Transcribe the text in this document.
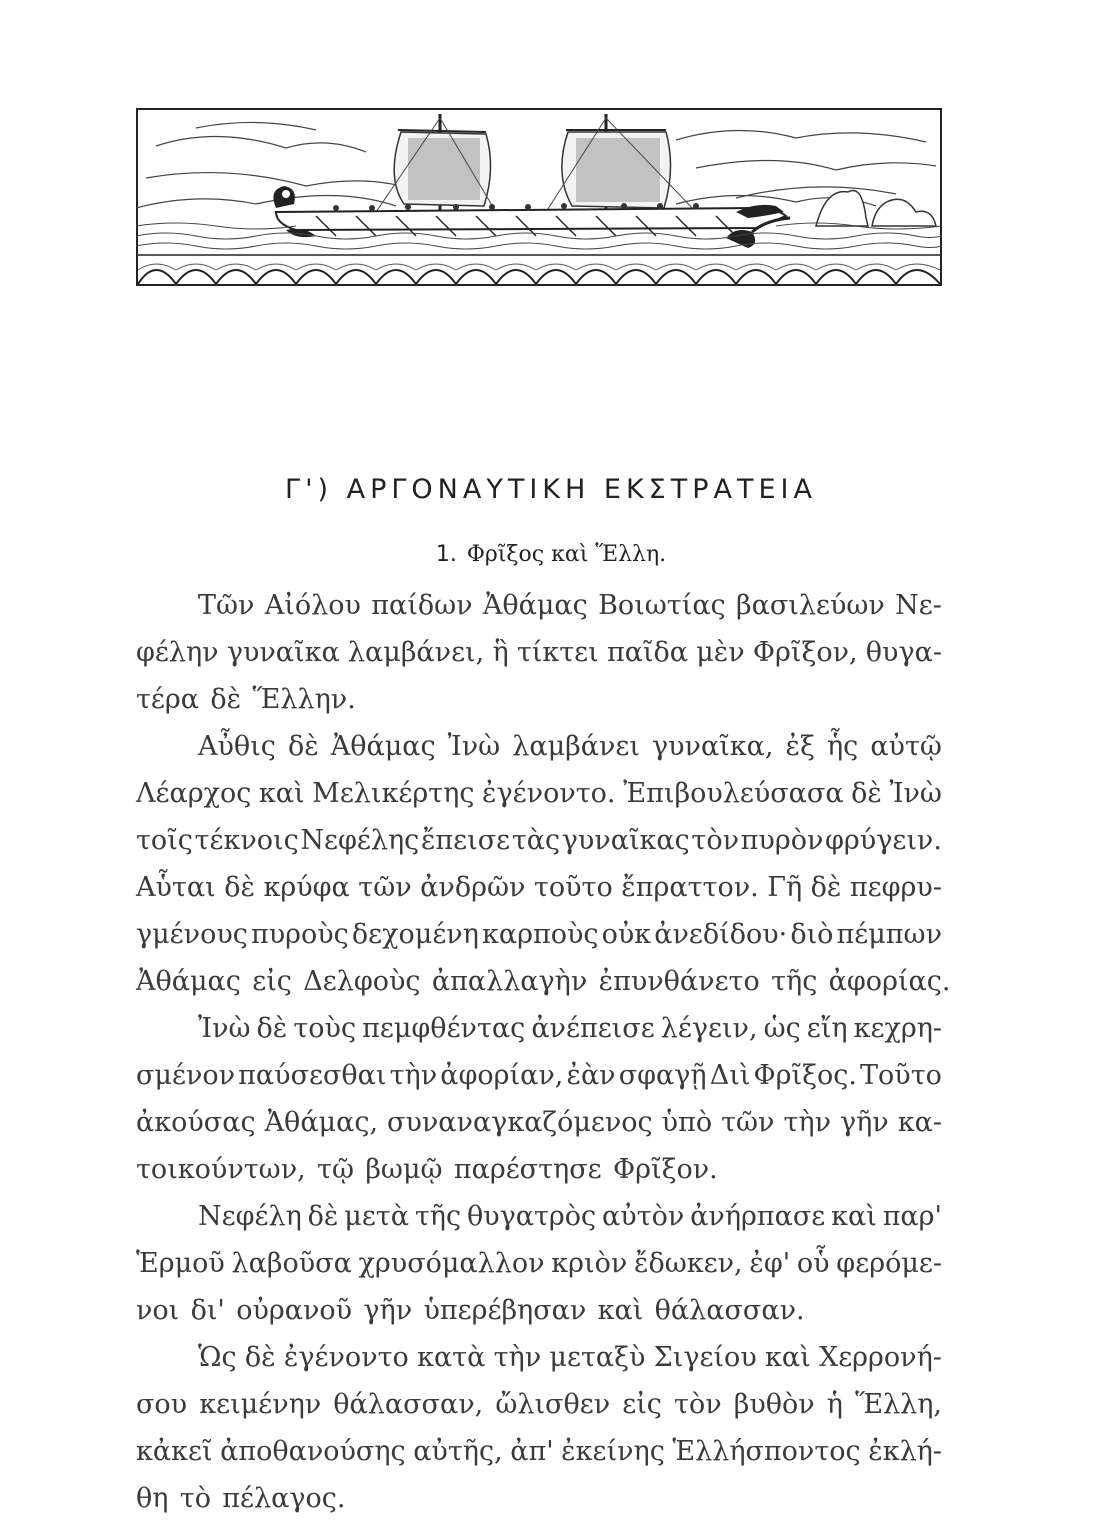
Γ') ΑΡΓΟΝΑΥΤΙΚΗ ΕΚΣΤΡΑΤΕΙΑ
1. Φρῖξος καὶ Ἕλλη.
Τῶν Αἰόλου παίδων Ἀθάμας Βοιωτίας βασιλεύων Νε-
φέλην γυναῖκα λαμβάνει, ἣ τίκτει παῖδα μὲν Φρῖξον, θυγα-
τέρα δὲ Ἕλλην.
Αὖθις δὲ Ἀθάμας Ἰνὼ λαμβάνει γυναῖκα, ἐξ ἧς αὐτῷ
Λέαρχος καὶ Μελικέρτης ἐγένοντο. Ἐπιβουλεύσασα δὲ Ἰνὼ
τοῖς τέκνοις Νεφέλης ἔπεισε τὰς γυναῖκας τὸν πυρὸν φρύγειν.
Αὗται δὲ κρύφα τῶν ἀνδρῶν τοῦτο ἔπραττον. Γῆ δὲ πεφρυ-
γμένους πυροὺς δεχομένη καρποὺς οὐκ ἀνεδίδου· διὸ πέμπων
Ἀθάμας εἰς Δελφοὺς ἀπαλλαγὴν ἐπυνθάνετο τῆς ἀφορίας.
Ἰνὼ δὲ τοὺς πεμφθέντας ἀνέπεισε λέγειν, ὡς εἴη κεχρη-
σμένον παύσεσθαι τὴν ἀφορίαν, ἐὰν σφαγῇ Διὶ Φρῖξος. Τοῦτο
ἀκούσας Ἀθάμας, συναναγκαζόμενος ὑπὸ τῶν τὴν γῆν κα-
τοικούντων, τῷ βωμῷ παρέστησε Φρῖξον.
Νεφέλη δὲ μετὰ τῆς θυγατρὸς αὐτὸν ἀνήρπασε καὶ παρ'
Ἑρμοῦ λαβοῦσα χρυσόμαλλον κριὸν ἔδωκεν, ἐφ' οὗ φερόμε-
νοι δι' οὐρανοῦ γῆν ὑπερέβησαν καὶ θάλασσαν.
Ὡς δὲ ἐγένοντο κατὰ τὴν μεταξὺ Σιγείου καὶ Χερρονή-
σου κειμένην θάλασσαν, ὤλισθεν εἰς τὸν βυθὸν ἡ Ἕλλη,
κἀκεῖ ἀποθανούσης αὐτῆς, ἀπ' ἐκείνης Ἑλλήσποντος ἐκλή-
θη τὸ πέλαγος.
